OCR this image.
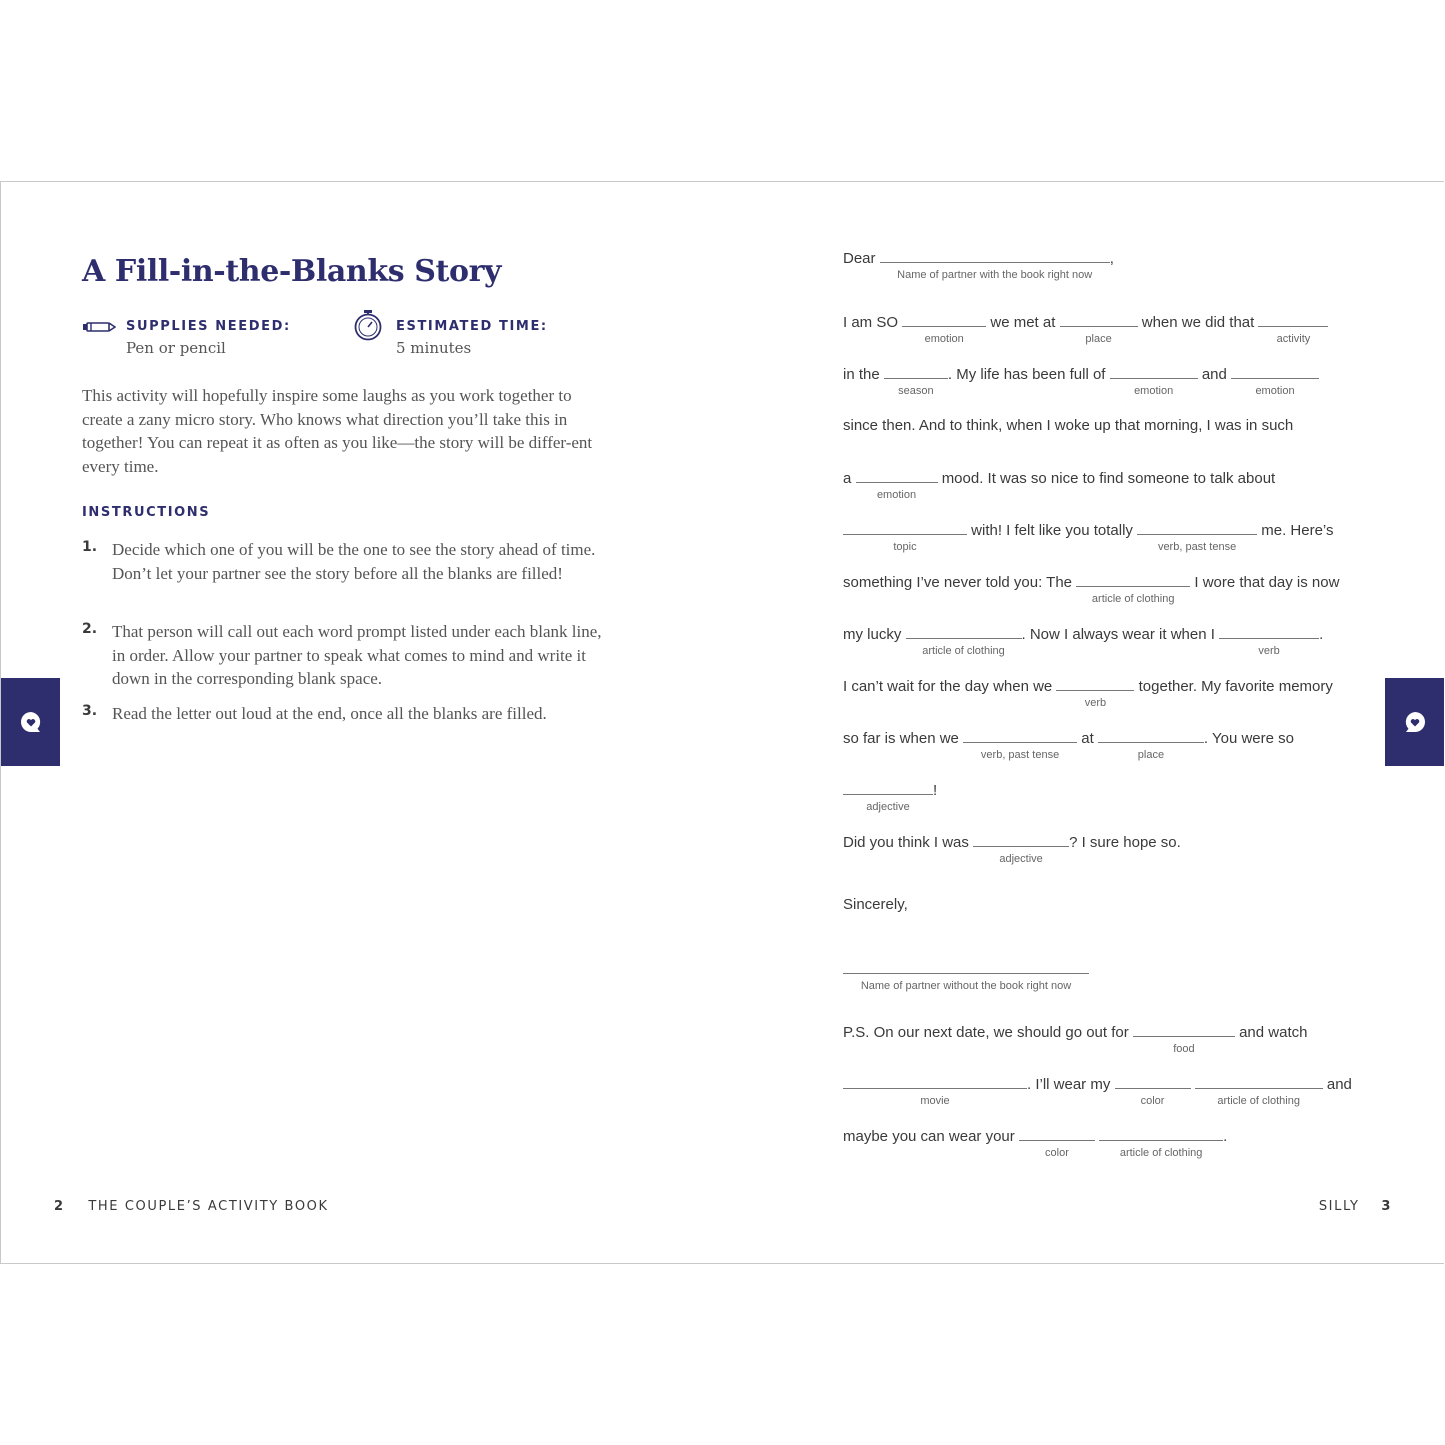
A Fill-in-the-Blanks Story
SUPPLIES NEEDED:
Pen or pencil
ESTIMATED TIME:
5 minutes

This activity will hopefully inspire some laughs as you work together to create a zany micro story. Who knows what direction you’ll take this in together! You can repeat it as often as you like—the story will be differ-ent every time.

INSTRUCTIONS
1. Decide which one of you will be the one to see the story ahead of time. Don’t let your partner see the story before all the blanks are filled!

2. That person will call out each word prompt listed under each blank line, in order. Allow your partner to speak what comes to mind and write it down in the corresponding blank space.

3. Read the letter out loud at the end, once all the blanks are filled.

2 THE COUPLE’S ACTIVITY BOOK
Dear
Name of partner with the book right now
,
I am SO
emotion
we met at
place
when we did that
activity
in the
season
. My life has been full of
emotion
and
emotion
since then. And to think, when I woke up that morning, I was in such
a
emotion
mood. It was so nice to find someone to talk about
topic
with! I felt like you totally
verb, past tense
me. Here’s
something I’ve never told you: The
article of clothing
I wore that day is now
my lucky
article of clothing
. Now I always wear it when I
verb
.
I can’t wait for the day when we
verb
together. My favorite memory
so far is when we
verb, past tense
at
place
. You were so
adjective
!
Did you think I was
adjective
? I sure hope so.
Sincerely,
Name of partner without the book right now
P.S. On our next date, we should go out for
food
and watch
movie
. I’ll wear my
color
	article of clothing
and
maybe you can wear your
color
	article of clothing
.
SILLY 3
